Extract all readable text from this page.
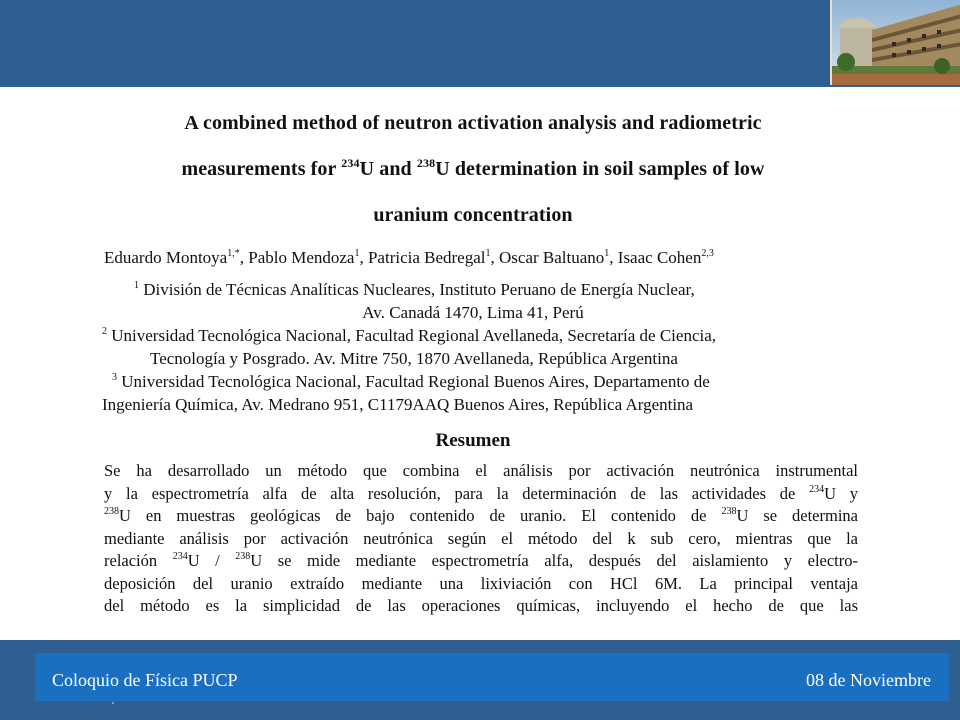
A combined method of neutron activation analysis and radiometric
measurements for $^{234}$U and $^{238}$U determination in soil samples of low
uranium concentration
Eduardo Montoya$^{1,*}$, Pablo Mendoza$^1$, Patricia Bedregal$^1$, Oscar Baltuano$^1$, Isaac Cohen$^{2,3}$
$^1$ División de Técnicas Analíticas Nucleares, Instituto Peruano de Energía Nuclear,
Av. Canadá 1470, Lima 41, Perú
$^2$ Universidad Tecnológica Nacional, Facultad Regional Avellaneda, Secretaría de Ciencia,
Tecnología y Posgrado. Av. Mitre 750, 1870 Avellaneda, República Argentina
$^3$ Universidad Tecnológica Nacional, Facultad Regional Buenos Aires, Departamento de
Ingeniería Química, Av. Medrano 951, C1179AAQ Buenos Aires, República Argentina
Resumen
Se ha desarrollado un método que combina el análisis por activación neutrónica instrumental
y la espectrometría alfa de alta resolución, para la determinación de las actividades de $^{234}$U y
$^{238}$U en muestras geológicas de bajo contenido de uranio. El contenido de $^{238}$U se determina
mediante análisis por activación neutrónica según el método del k sub cero, mientras que la
relación $^{234}$U / $^{238}$U se mide mediante espectrometría alfa, después del aislamiento y electro-
deposición del uranio extraído mediante una lixiviación con HCl 6M. La principal ventaja
del método es la simplicidad de las operaciones químicas, incluyendo el hecho de que las
Coloquio de Física PUCP	08 de Noviembre
